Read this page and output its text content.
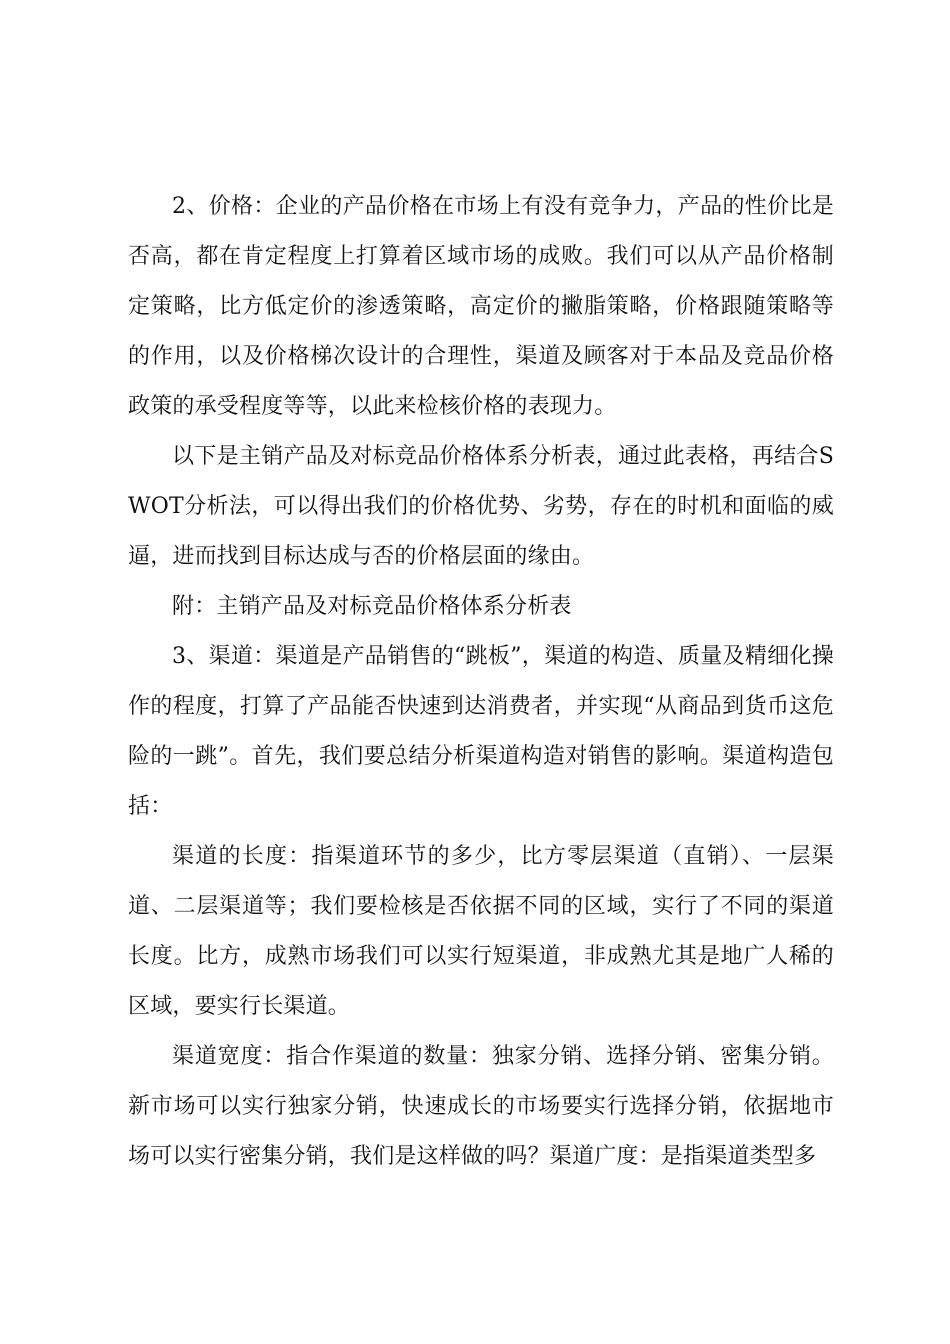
2、价格：企业的产品价格在市场上有没有竞争力，产品的性价比是否高，都在肯定程度上打算着区域市场的成败。我们可以从产品价格制定策略，比方低定价的渗透策略，高定价的撇脂策略，价格跟随策略等的作用，以及价格梯次设计的合理性，渠道及顾客对于本品及竞品价格政策的承受程度等等，以此来检核价格的表现力。

以下是主销产品及对标竞品价格体系分析表，通过此表格，再结合SWOT分析法，可以得出我们的价格优势、劣势，存在的时机和面临的威逼，进而找到目标达成与否的价格层面的缘由。

附：主销产品及对标竞品价格体系分析表

3、渠道：渠道是产品销售的“跳板”，渠道的构造、质量及精细化操作的程度，打算了产品能否快速到达消费者，并实现“从商品到货币这危险的一跳”。首先，我们要总结分析渠道构造对销售的影响。渠道构造包括：

渠道的长度：指渠道环节的多少，比方零层渠道（直销）、一层渠道、二层渠道等；我们要检核是否依据不同的区域，实行了不同的渠道长度。比方，成熟市场我们可以实行短渠道，非成熟尤其是地广人稀的区域，要实行长渠道。

渠道宽度：指合作渠道的数量：独家分销、选择分销、密集分销。新市场可以实行独家分销，快速成长的市场要实行选择分销，依据地市场可以实行密集分销，我们是这样做的吗？渠道广度：是指渠道类型多
